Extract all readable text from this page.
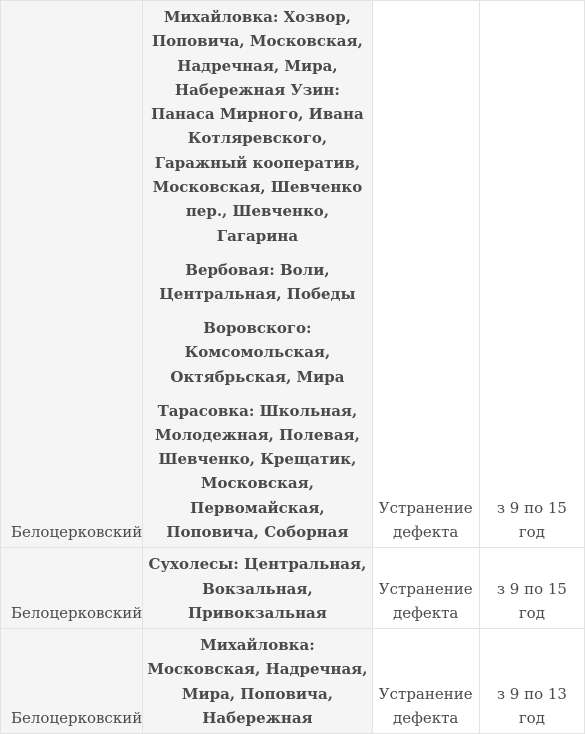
Белоцерковский	Михайловка: Хозвор, Поповича, Московская, Надречная, Мира, Набережная Узин: Панаса Мирного, Ивана Котляревского, Гаражный кооператив, Московская, Шевченко пер., Шевченко, Гагарина

Вербовая: Воли, Центральная, Победы

Воровского: Комсомольская, Октябрьская, Мира

Тарасовка: Школьная, Молодежная, Полевая, Шевченко, Крещатик, Московская, Первомайская, Поповича, Соборная	Устранение дефекта	з 9 по 15 год
Белоцерковский	Сухолесы: Центральная, Вокзальная, Привокзальная	Устранение дефекта	з 9 по 15 год
Белоцерковский	Михайловка: Московская, Надречная, Мира, Поповича, Набережная	Устранение дефекта	з 9 по 13 год
